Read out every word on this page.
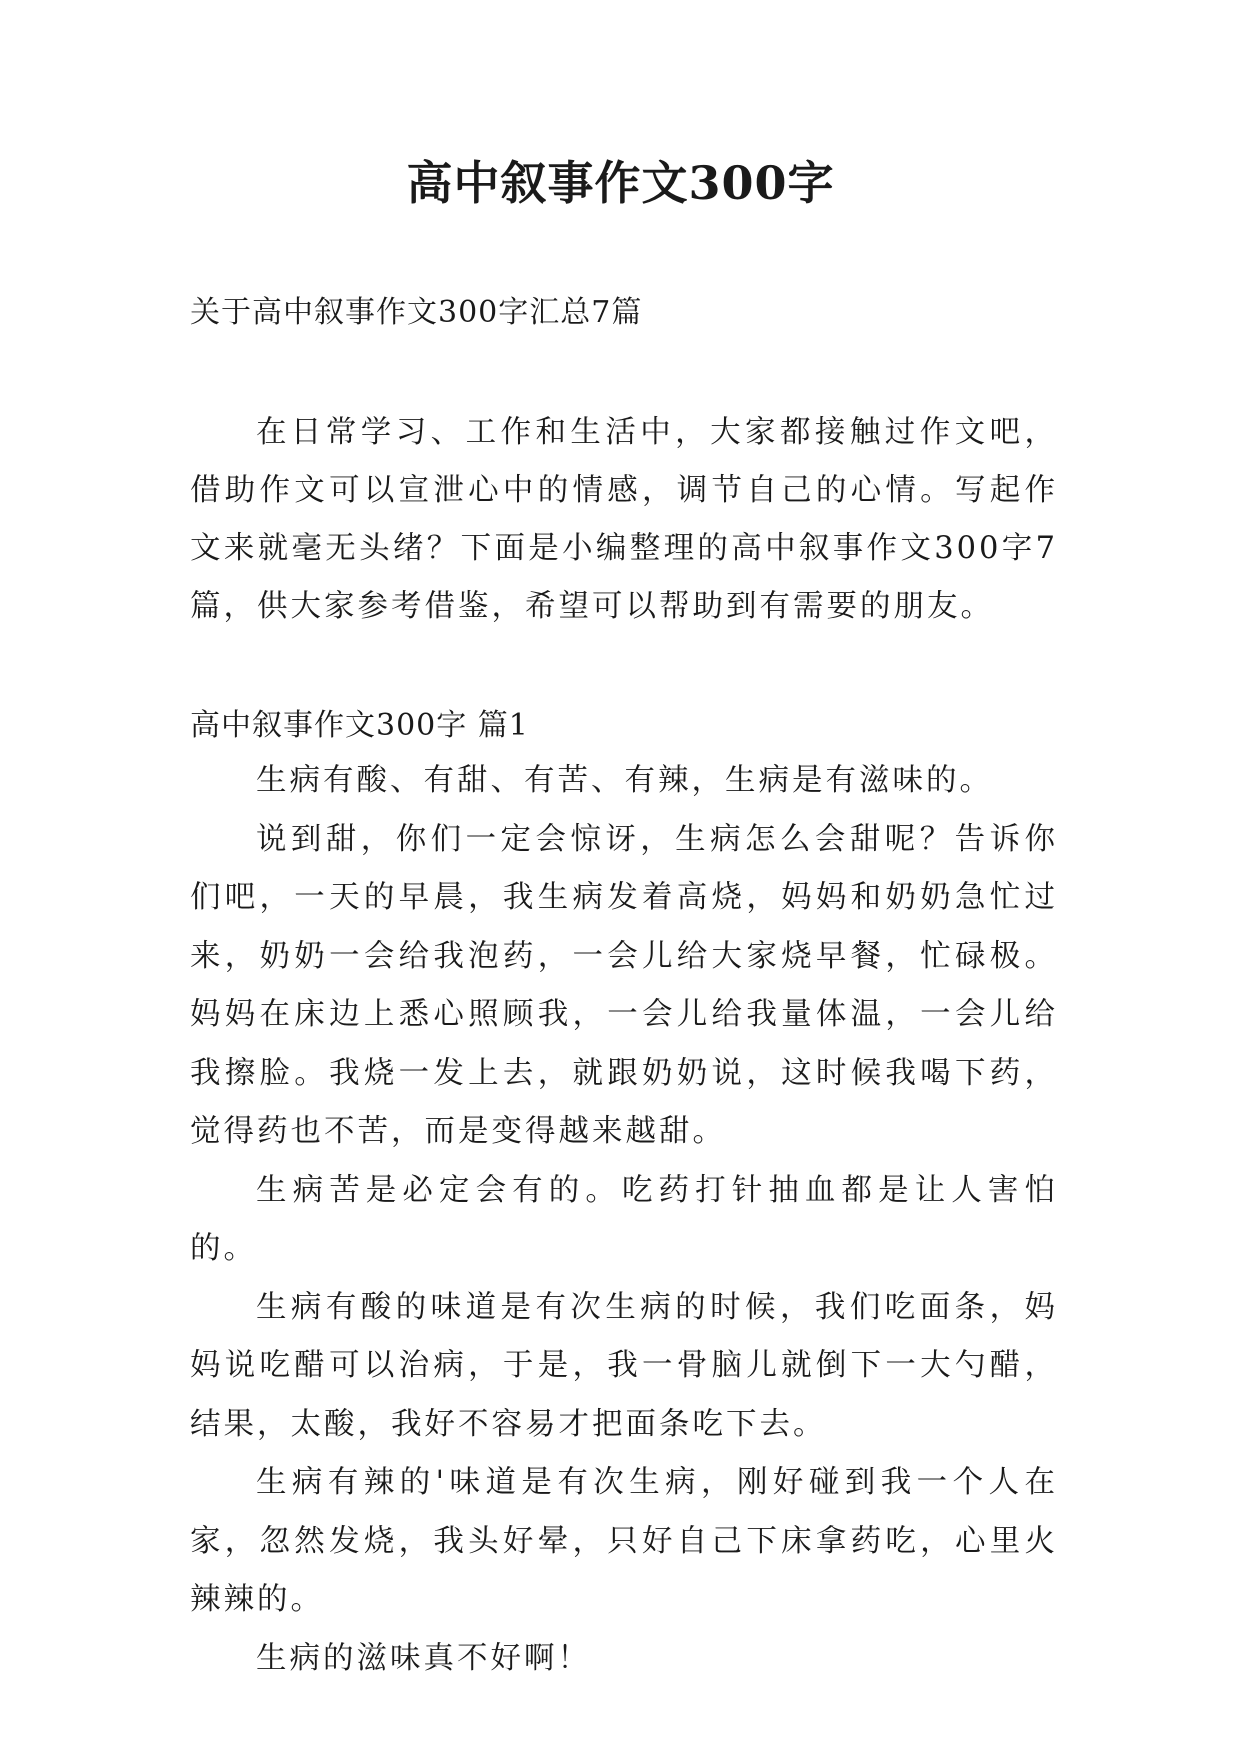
高中叙事作文300字
关于高中叙事作文300字汇总7篇

在日常学习、工作和生活中，大家都接触过作文吧，借助作文可以宣泄心中的情感，调节自己的心情。写起作文来就毫无头绪？下面是小编整理的高中叙事作文300字7篇，供大家参考借鉴，希望可以帮助到有需要的朋友。

高中叙事作文300字 篇1

生病有酸、有甜、有苦、有辣，生病是有滋味的。

说到甜，你们一定会惊讶，生病怎么会甜呢？告诉你们吧，一天的早晨，我生病发着高烧，妈妈和奶奶急忙过来，奶奶一会给我泡药，一会儿给大家烧早餐，忙碌极。妈妈在床边上悉心照顾我，一会儿给我量体温，一会儿给我擦脸。我烧一发上去，就跟奶奶说，这时候我喝下药，觉得药也不苦，而是变得越来越甜。

生病苦是必定会有的。吃药打针抽血都是让人害怕的。

生病有酸的味道是有次生病的时候，我们吃面条，妈妈说吃醋可以治病，于是，我一骨脑儿就倒下一大勺醋，结果，太酸，我好不容易才把面条吃下去。

生病有辣的'味道是有次生病，刚好碰到我一个人在家，忽然发烧，我头好晕，只好自己下床拿药吃，心里火辣辣的。

生病的滋味真不好啊！
